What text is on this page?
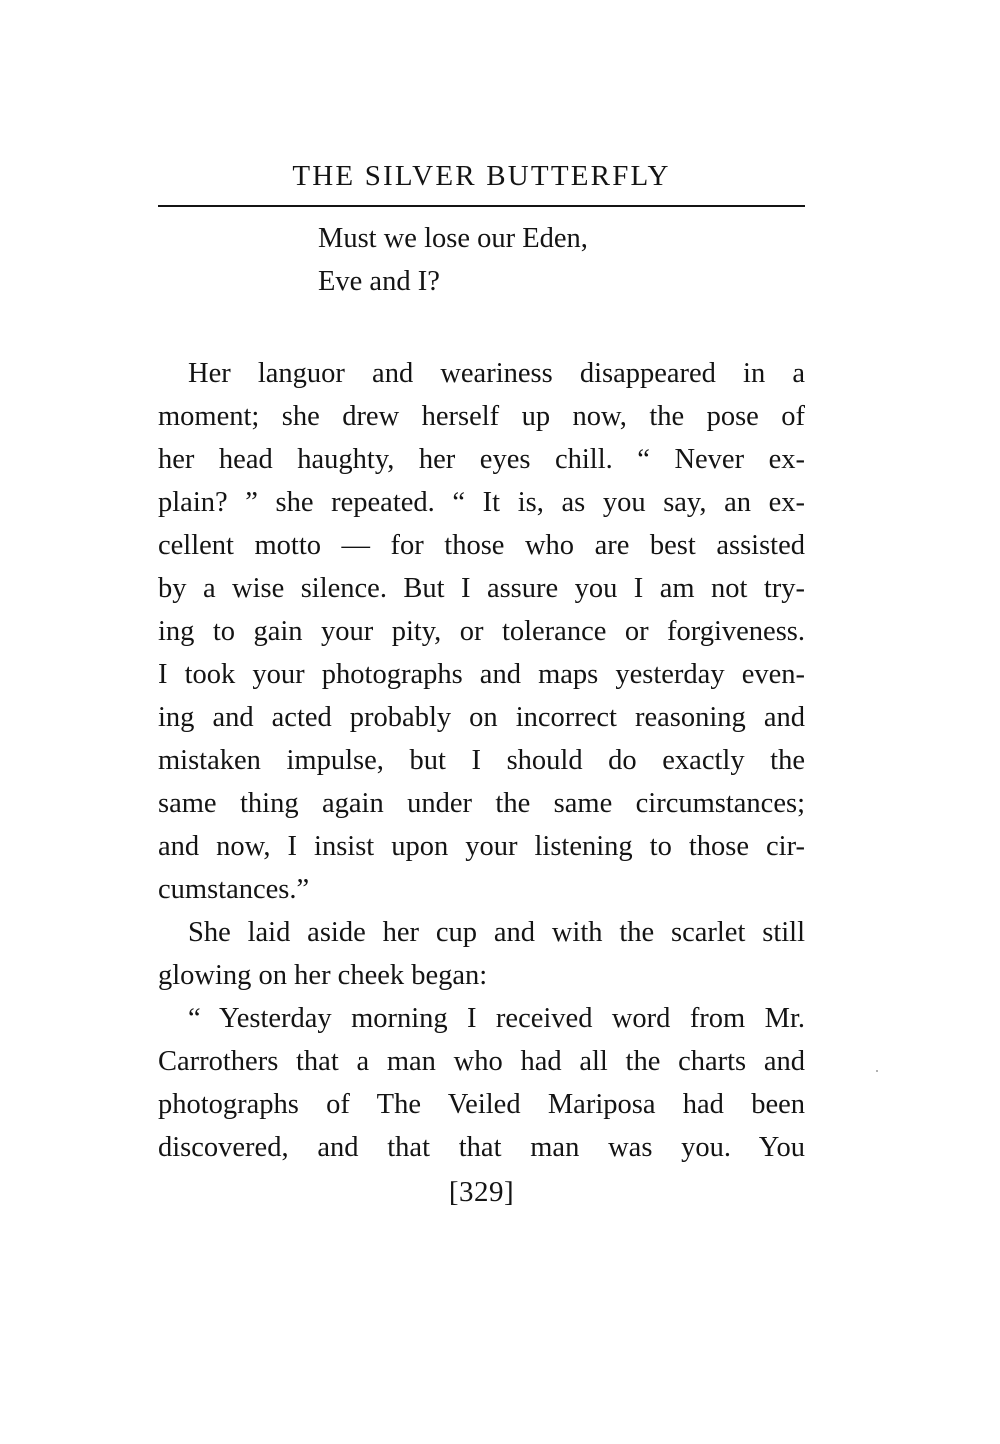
THE SILVER BUTTERFLY
Must we lose our Eden,
Eve and I?
Her languor and weariness disappeared in a
moment; she drew herself up now, the pose of
her head haughty, her eyes chill. “ Never ex-
plain? ” she repeated. “ It is, as you say, an ex-
cellent motto — for those who are best assisted
by a wise silence. But I assure you I am not try-
ing to gain your pity, or tolerance or forgiveness.
I took your photographs and maps yesterday even-
ing and acted probably on incorrect reasoning and
mistaken impulse, but I should do exactly the
same thing again under the same circumstances;
and now, I insist upon your listening to those cir-
cumstances.”
She laid aside her cup and with the scarlet still
glowing on her cheek began:
“ Yesterday morning I received word from Mr.
Carrothers that a man who had all the charts and
photographs of The Veiled Mariposa had been
discovered, and that that man was you. You
[329]
